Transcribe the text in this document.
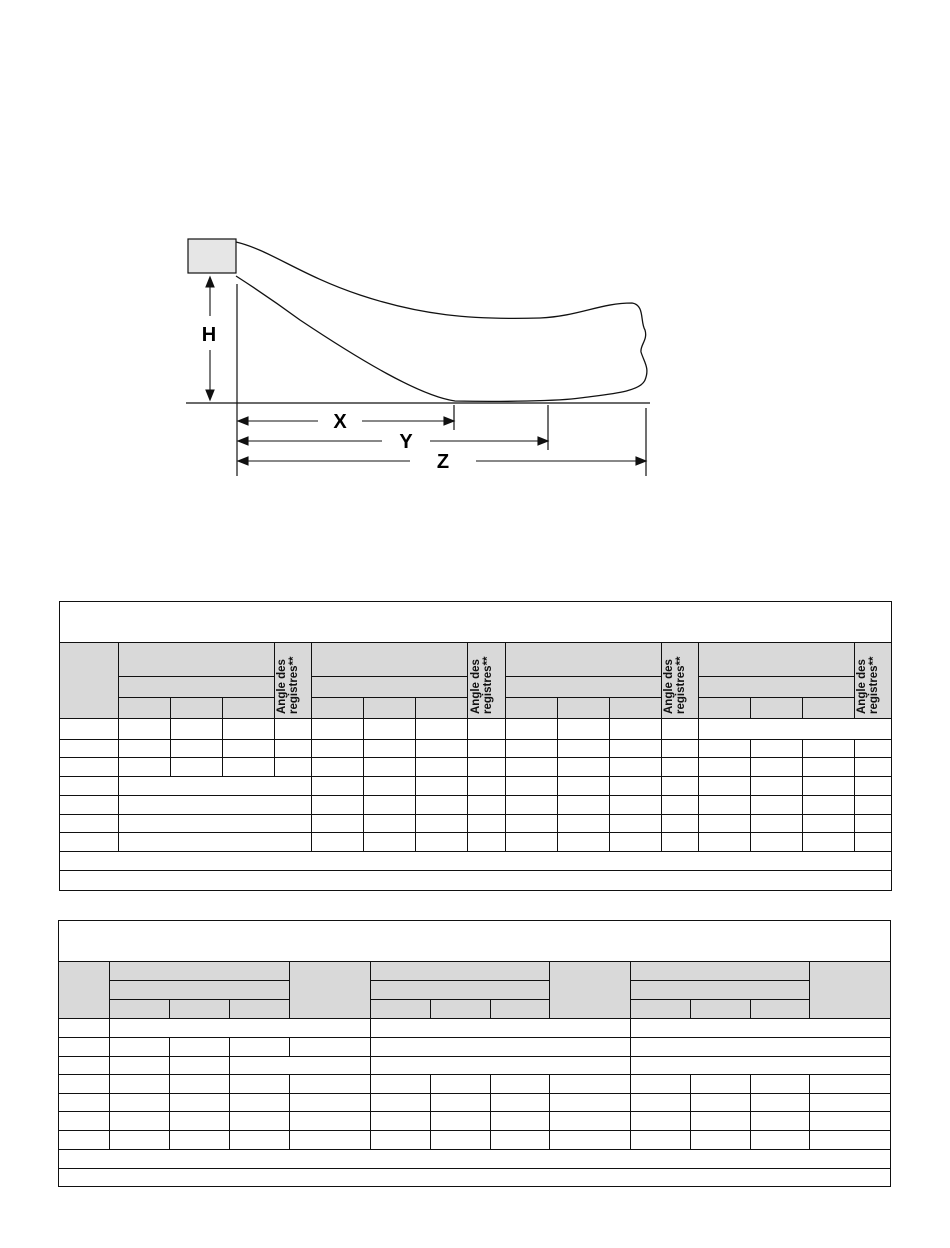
H
X
Y
Z
Angle desregistres**	Angle desregistres**	Angle desregistres**	Angle desregistres**
